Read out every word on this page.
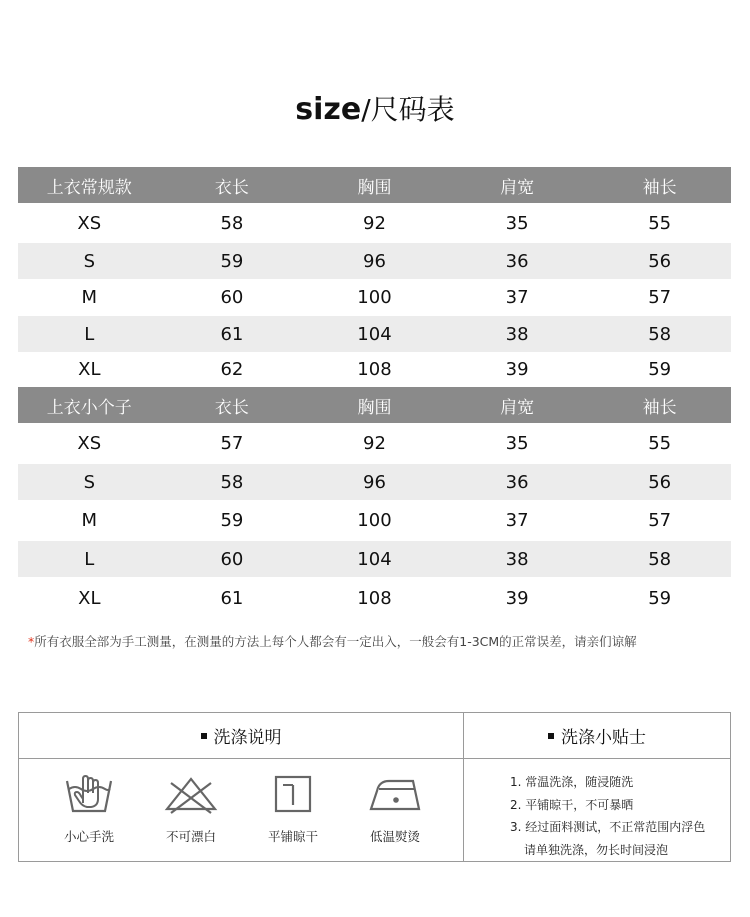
size/尺码表
上衣常规款	衣长	胸围	肩宽	袖长
XS	58	92	35	55
S	59	96	36	56
M	60	100	37	57
L	61	104	38	58
XL	62	108	39	59
上衣小个子	衣长	胸围	肩宽	袖长
XS	57	92	35	55
S	58	96	36	56
M	59	100	37	57
L	60	104	38	58
XL	61	108	39	59
*所有衣服全部为手工测量，在测量的方法上每个人都会有一定出入，一般会有1-3CM的正常误差，请亲们谅解
洗涤说明	洗涤小贴士
小心手洗	不可漂白	平铺晾干	低温熨烫
1. 常温洗涤，随浸随洗
2. 平铺晾干，不可暴晒
3. 经过面料测试，不正常范围内浮色
请单独洗涤，勿长时间浸泡
